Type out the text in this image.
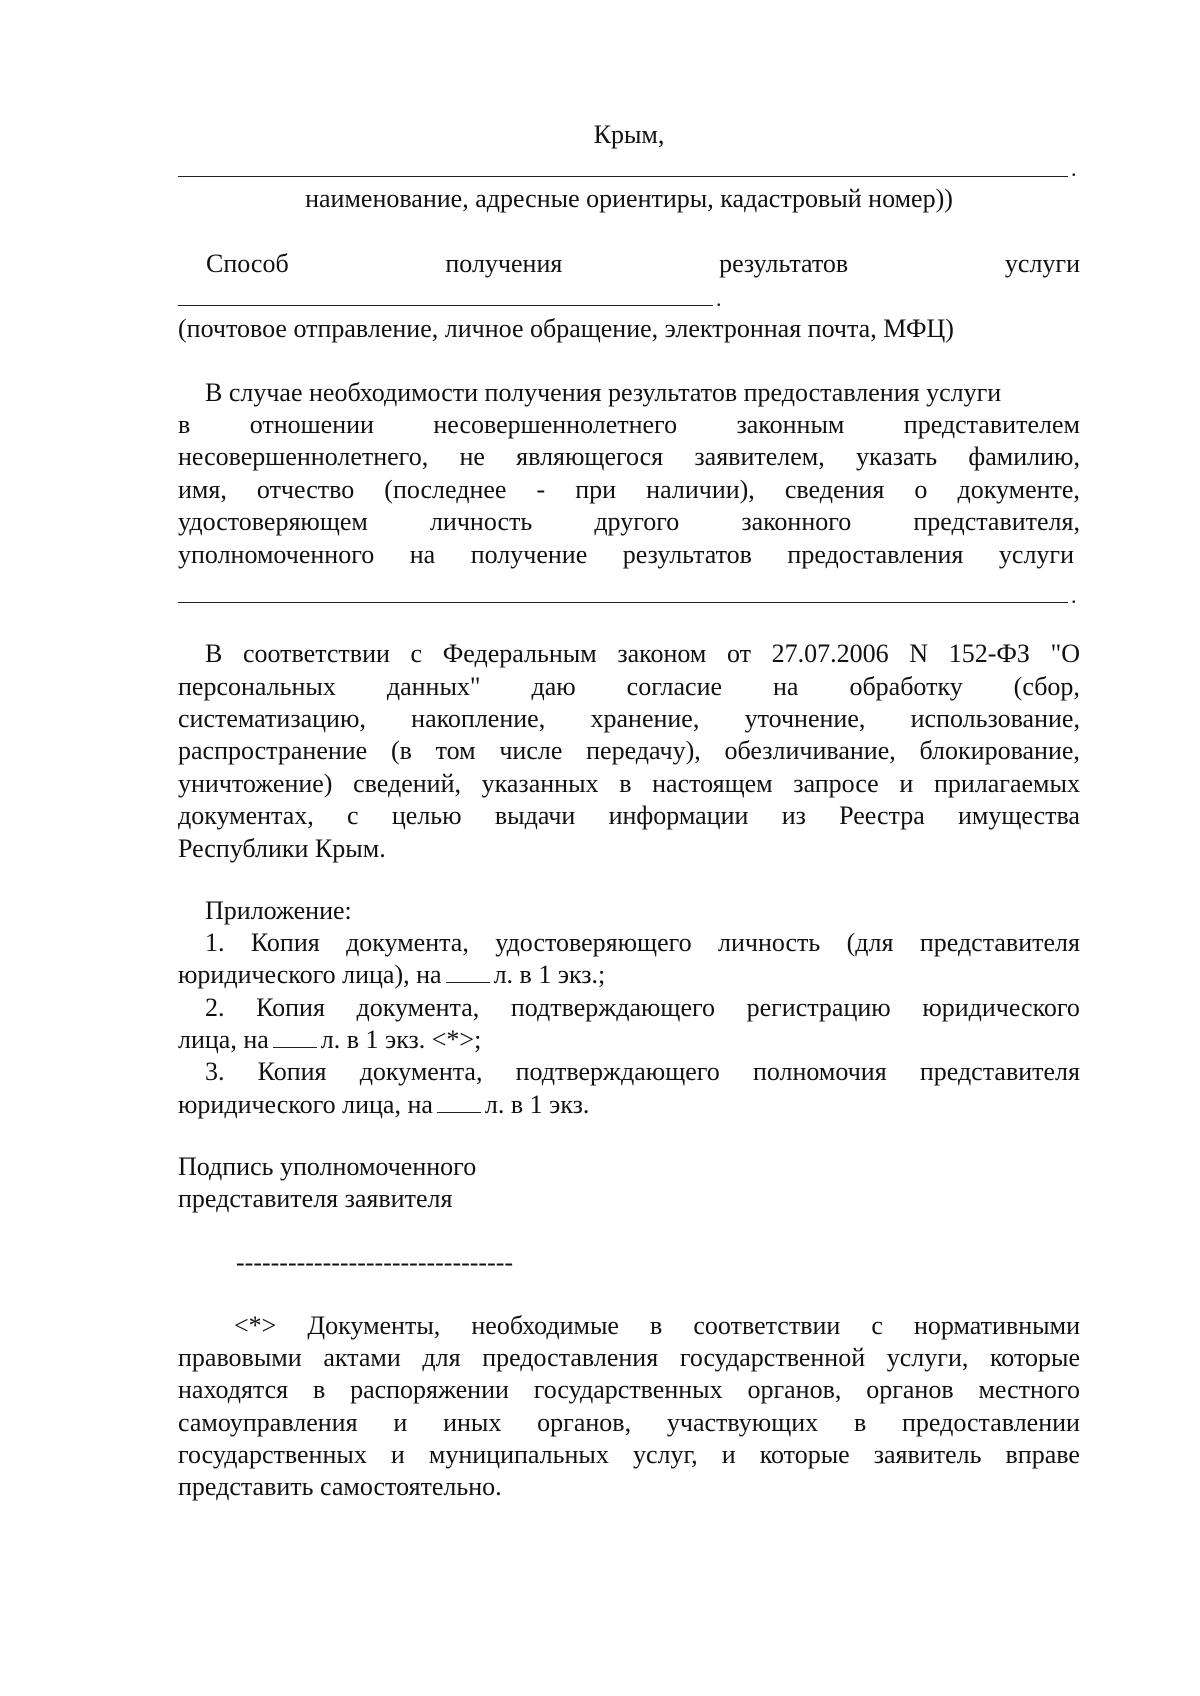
Крым,
.
наименование, адресные ориентиры, кадастровый номер))
Способ	получения	результатов	услуги
.
(почтовое отправление, личное обращение, электронная почта, МФЦ)
В случае необходимости получения результатов предоставления услуги
в отношении несовершеннолетнего законным представителем
несовершеннолетнего, не являющегося заявителем, указать фамилию,
имя, отчество (последнее - при наличии), сведения о документе,
удостоверяющем личность другого законного представителя,
уполномоченного на получение результатов предоставления услуги
.
В соответствии с Федеральным законом от 27.07.2006 N 152-ФЗ "О
персональных данных" даю согласие на обработку (сбор,
систематизацию, накопление, хранение, уточнение, использование,
распространение (в том числе передачу), обезличивание, блокирование,
уничтожение) сведений, указанных в настоящем запросе и прилагаемых
документах, с целью выдачи информации из Реестра имущества
Республики Крым.
Приложение:
1. Копия документа, удостоверяющего личность (для представителя
юридического лица), на л. в 1 экз.;
2. Копия документа, подтверждающего регистрацию юридического
лица, на л. в 1 экз. <*>;
3. Копия документа, подтверждающего полномочия представителя
юридического лица, на л. в 1 экз.
Подпись уполномоченного
представителя заявителя
--------------------------------
<*> Документы, необходимые в соответствии с нормативными
правовыми актами для предоставления государственной услуги, которые
находятся в распоряжении государственных органов, органов местного
самоуправления и иных органов, участвующих в предоставлении
государственных и муниципальных услуг, и которые заявитель вправе
представить самостоятельно.
